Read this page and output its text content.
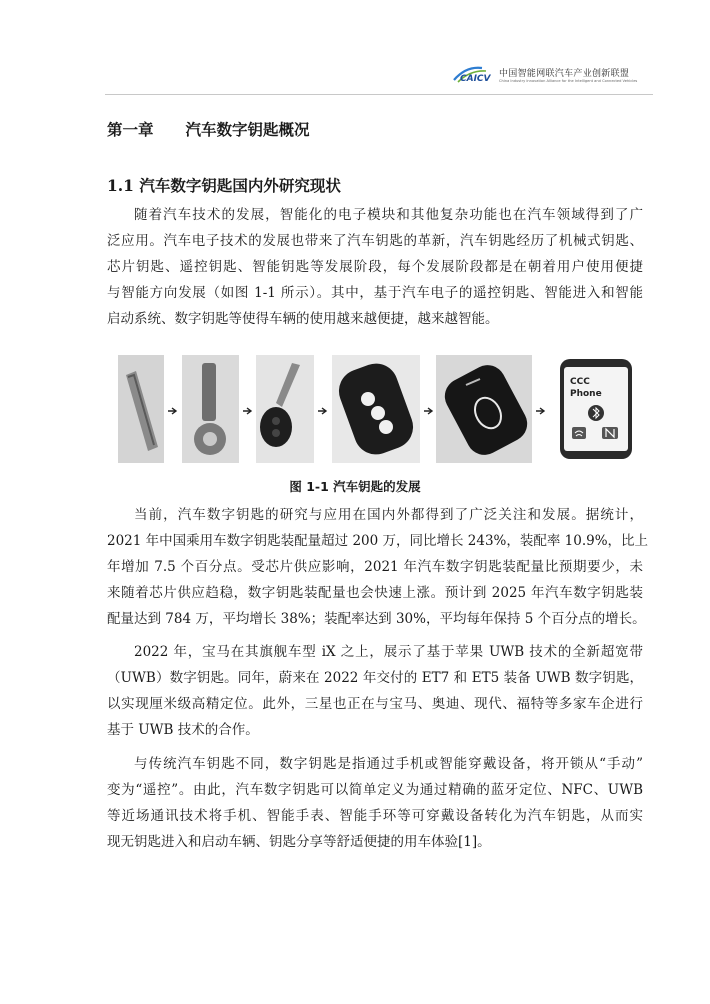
CAICV 中国智能网联汽车产业创新联盟
China Industry Innovation Alliance for the Intelligent and Connected Vehicles
第一章 汽车数字钥匙概况
1.1 汽车数字钥匙国内外研究现状
随着汽车技术的发展，智能化的电子模块和其他复杂功能也在汽车领域得到了广
泛应用。汽车电子技术的发展也带来了汽车钥匙的革新，汽车钥匙经历了机械式钥匙、
芯片钥匙、遥控钥匙、智能钥匙等发展阶段，每个发展阶段都是在朝着用户使用便捷
与智能方向发展（如图 1-1 所示）。其中，基于汽车电子的遥控钥匙、智能进入和智能
启动系统、数字钥匙等使得车辆的使用越来越便捷，越来越智能。
CCC
Phone
图 1-1 汽车钥匙的发展
当前，汽车数字钥匙的研究与应用在国内外都得到了广泛关注和发展。据统计，
2021 年中国乘用车数字钥匙装配量超过 200 万，同比增长 243%，装配率 10.9%，比上
年增加 7.5 个百分点。受芯片供应影响，2021 年汽车数字钥匙装配量比预期要少，未
来随着芯片供应趋稳，数字钥匙装配量也会快速上涨。预计到 2025 年汽车数字钥匙装
配量达到 784 万，平均增长 38%；装配率达到 30%，平均每年保持 5 个百分点的增长。
2022 年，宝马在其旗舰车型 iX 之上，展示了基于苹果 UWB 技术的全新超宽带
（UWB）数字钥匙。同年，蔚来在 2022 年交付的 ET7 和 ET5 装备 UWB 数字钥匙，
以实现厘米级高精定位。此外，三星也正在与宝马、奥迪、现代、福特等多家车企进行
基于 UWB 技术的合作。
与传统汽车钥匙不同，数字钥匙是指通过手机或智能穿戴设备，将开锁从“手动”
变为“遥控”。由此，汽车数字钥匙可以简单定义为通过精确的蓝牙定位、NFC、UWB
等近场通讯技术将手机、智能手表、智能手环等可穿戴设备转化为汽车钥匙，从而实
现无钥匙进入和启动车辆、钥匙分享等舒适便捷的用车体验[1]。
